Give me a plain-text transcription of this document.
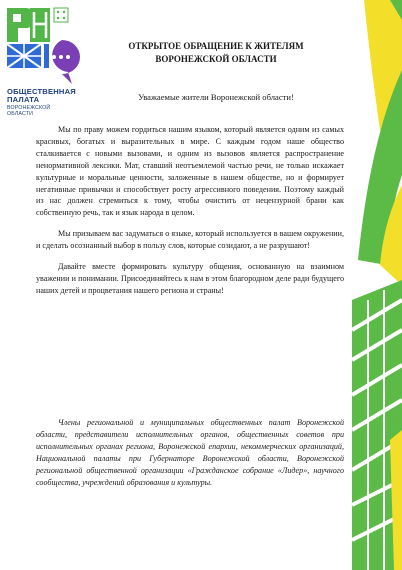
ОБЩЕСТВЕННАЯ
ПАЛАТА
ВОРОНЕЖСКОЙ
ОБЛАСТИ
ОТКРЫТОЕ ОБРАЩЕНИЕ К ЖИТЕЛЯМ
ВОРОНЕЖСКОЙ ОБЛАСТИ
Уважаемые жители Воронежской области!

Мы по праву можем гордиться нашим языком, который является одним из самых красивых, богатых и выразительных в мире. С каждым годом наше общество сталкивается с новыми вызовами, и одним из вызовов является распространение ненормативной лексики. Мат, ставший неотъемлемой частью речи, не только искажает культурные и моральные ценности, заложенные в нашем обществе, но и формирует негативные привычки и способствует росту агрессивного поведения. Поэтому каждый из нас должен стремиться к тому, чтобы очистить от нецензурной брани как собственную речь, так и язык народа в целом.

Мы призываем вас задуматься о языке, который используется в вашем окружении, и сделать осознанный выбор в пользу слов, которые созидают, а не разрушают!

Давайте вместе формировать культуру общения, основанную на взаимном уважении и понимании. Присоединяйтесь к нам в этом благородном деле ради будущего наших детей и процветания нашего региона и страны!

Члены региональной и муниципальных общественных палат Воронежской области, представители исполнительных органов, общественных советов при исполнительных органах региона, Воронежской епархии, некоммерческих организаций, Национальной палаты при Губернаторе Воронежской области, Воронежской региональной общественной организации «Гражданское собрание «Лидер», научного сообщества, учреждений образования и культуры.
